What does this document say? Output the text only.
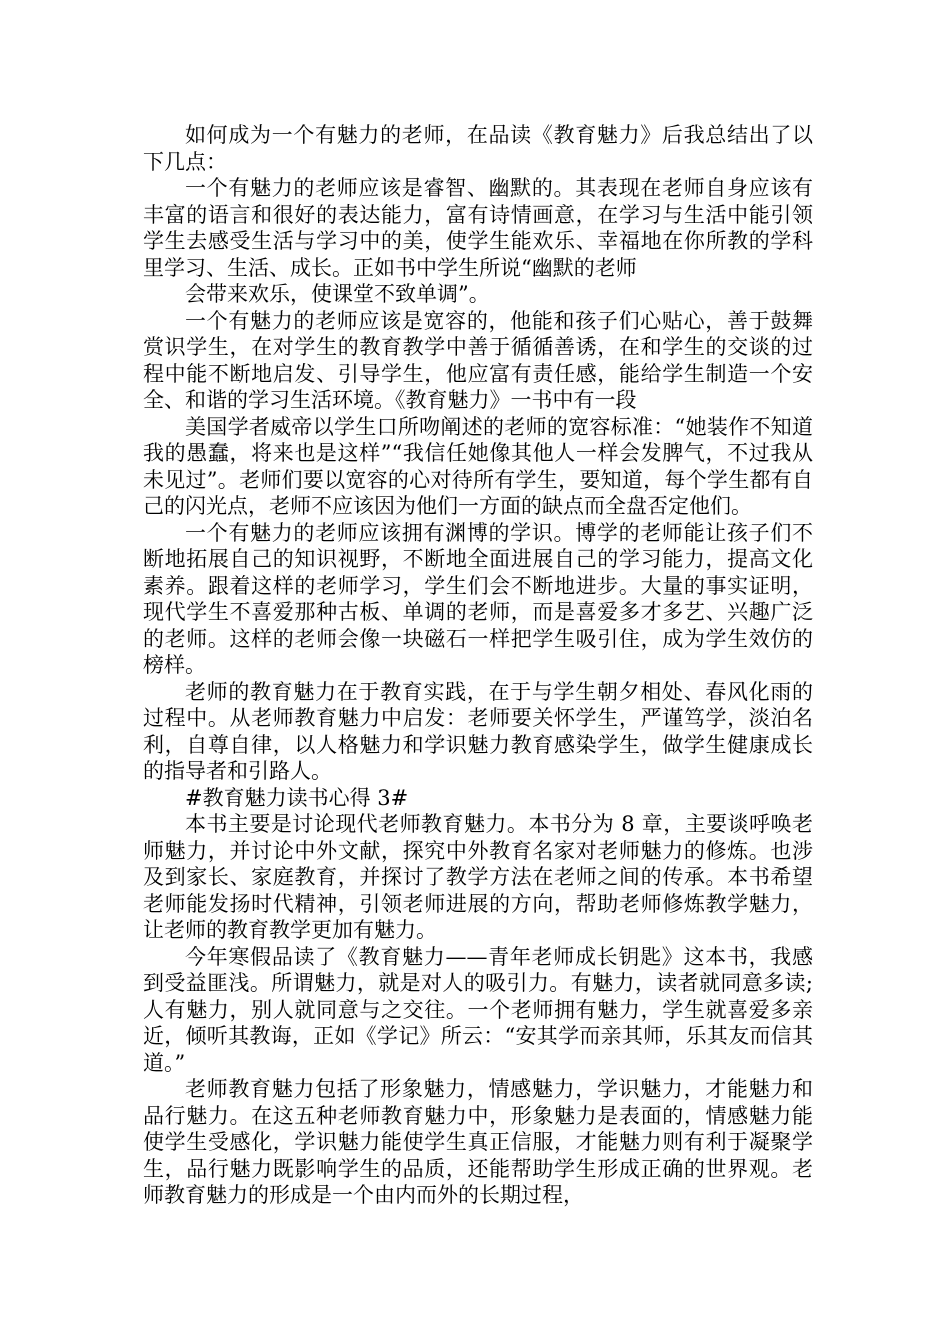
如何成为一个有魅力的老师，在品读《教育魅力》后我总结出了以下几点：

一个有魅力的老师应该是睿智、幽默的。其表现在老师自身应该有丰富的语言和很好的表达能力，富有诗情画意，在学习与生活中能引领学生去感受生活与学习中的美，使学生能欢乐、幸福地在你所教的学科里学习、生活、成长。正如书中学生所说“幽默的老师

会带来欢乐，使课堂不致单调”。

一个有魅力的老师应该是宽容的，他能和孩子们心贴心，善于鼓舞赏识学生，在对学生的教育教学中善于循循善诱，在和学生的交谈的过程中能不断地启发、引导学生，他应富有责任感，能给学生制造一个安全、和谐的学习生活环境。《教育魅力》一书中有一段

美国学者威帝以学生口所吻阐述的老师的宽容标准：“她装作不知道我的愚蠢，将来也是这样”“我信任她像其他人一样会发脾气，不过我从未见过”。老师们要以宽容的心对待所有学生，要知道，每个学生都有自己的闪光点，老师不应该因为他们一方面的缺点而全盘否定他们。

一个有魅力的老师应该拥有渊博的学识。博学的老师能让孩子们不断地拓展自己的知识视野，不断地全面进展自己的学习能力，提高文化素养。跟着这样的老师学习，学生们会不断地进步。大量的事实证明，现代学生不喜爱那种古板、单调的老师，而是喜爱多才多艺、兴趣广泛的老师。这样的老师会像一块磁石一样把学生吸引住，成为学生效仿的榜样。

老师的教育魅力在于教育实践，在于与学生朝夕相处、春风化雨的过程中。从老师教育魅力中启发：老师要关怀学生，严谨笃学，淡泊名利，自尊自律，以人格魅力和学识魅力教育感染学生，做学生健康成长的指导者和引路人。

#教育魅力读书心得 3#

本书主要是讨论现代老师教育魅力。本书分为 8 章，主要谈呼唤老师魅力，并讨论中外文献，探究中外教育名家对老师魅力的修炼。也涉及到家长、家庭教育，并探讨了教学方法在老师之间的传承。本书希望老师能发扬时代精神，引领老师进展的方向，帮助老师修炼教学魅力，让老师的教育教学更加有魅力。

今年寒假品读了《教育魅力——青年老师成长钥匙》这本书，我感到受益匪浅。所谓魅力，就是对人的吸引力。有魅力，读者就同意多读;人有魅力，别人就同意与之交往。一个老师拥有魅力，学生就喜爱多亲近，倾听其教诲，正如《学记》所云：“安其学而亲其师，乐其友而信其道。”

老师教育魅力包括了形象魅力，情感魅力，学识魅力，才能魅力和品行魅力。在这五种老师教育魅力中，形象魅力是表面的，情感魅力能使学生受感化，学识魅力能使学生真正信服，才能魅力则有利于凝聚学生，品行魅力既影响学生的品质，还能帮助学生形成正确的世界观。老师教育魅力的形成是一个由内而外的长期过程，
